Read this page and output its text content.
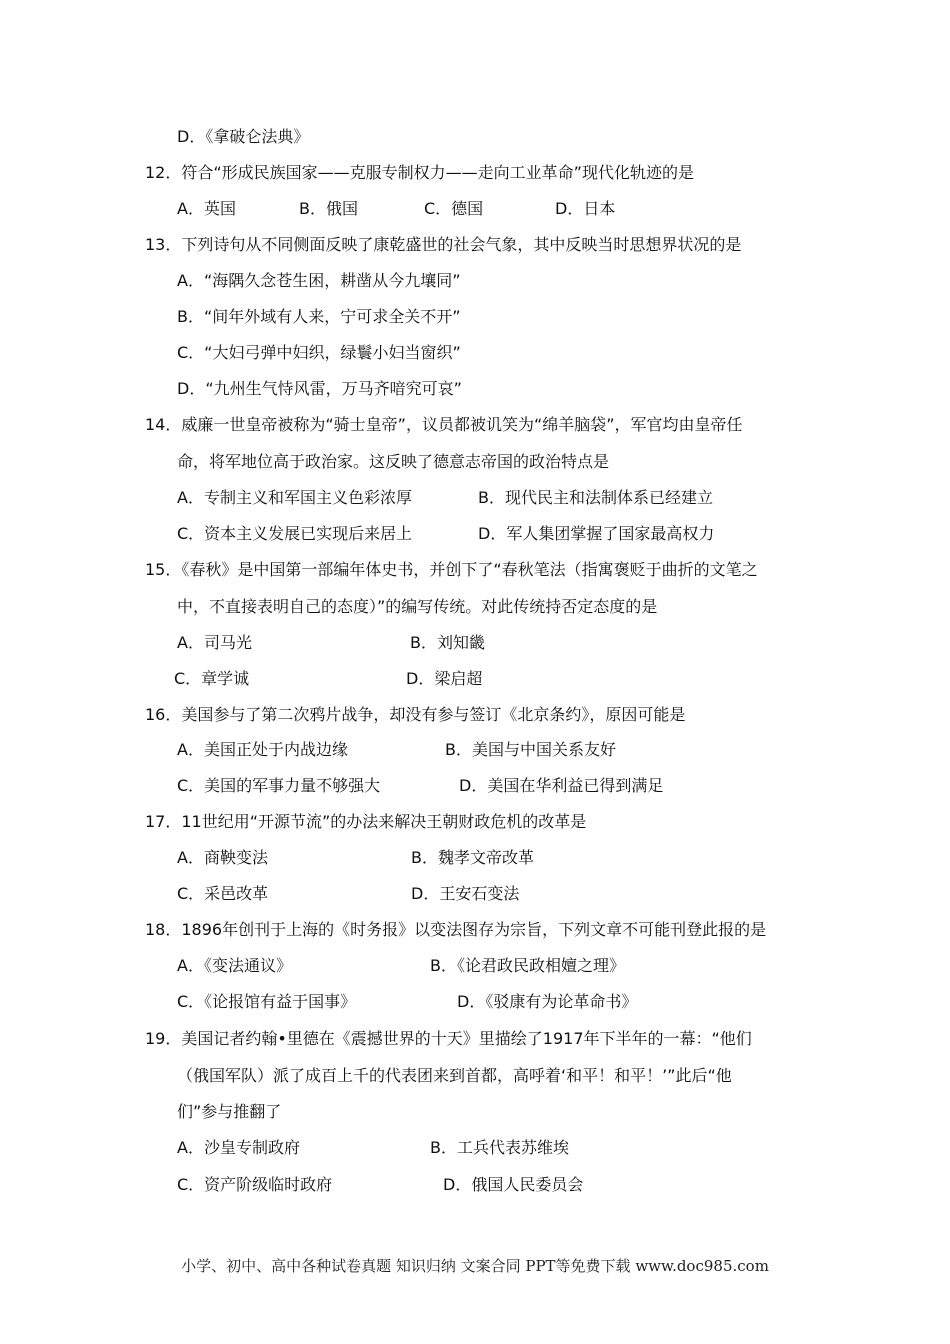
D．《拿破仑法典》
12．符合“形成民族国家——克服专制权力——走向工业革命”现代化轨迹的是
A．英国	B．俄国	C．德国	D．日本
13．下列诗句从不同侧面反映了康乾盛世的社会气象，其中反映当时思想界状况的是
A．“海隅久念苍生困，耕凿从今九壤同”
B．“间年外域有人来，宁可求全关不开”
C．“大妇弓弹中妇织，绿鬟小妇当窗织”
D．“九州生气恃风雷，万马齐喑究可哀”
14．威廉一世皇帝被称为“骑士皇帝”，议员都被讥笑为“绵羊脑袋”，军官均由皇帝任
命，将军地位高于政治家。这反映了德意志帝国的政治特点是
A．专制主义和军国主义色彩浓厚	B．现代民主和法制体系已经建立
C．资本主义发展已实现后来居上	D．军人集团掌握了国家最高权力
15．《春秋》是中国第一部编年体史书，并创下了“春秋笔法（指寓褒贬于曲折的文笔之
中，不直接表明自己的态度）”的编写传统。对此传统持否定态度的是
A．司马光	B．刘知畿
C．章学诚	D．梁启超
16．美国参与了第二次鸦片战争，却没有参与签订《北京条约》，原因可能是
A．美国正处于内战边缘	B．美国与中国关系友好
C．美国的军事力量不够强大	D．美国在华利益已得到满足
17．11世纪用“开源节流”的办法来解决王朝财政危机的改革是
A．商鞅变法	B．魏孝文帝改革
C．采邑改革	D．王安石变法
18．1896年创刊于上海的《时务报》以变法图存为宗旨，下列文章不可能刊登此报的是
A．《变法通议》	B．《论君政民政相嬗之理》
C．《论报馆有益于国事》	D．《驳康有为论革命书》
19．美国记者约翰•里德在《震撼世界的十天》里描绘了1917年下半年的一幕：“他们
（俄国军队）派了成百上千的代表团来到首都，高呼着‘和平！和平！’”此后“他
们”参与推翻了
A．沙皇专制政府	B．工兵代表苏维埃
C．资产阶级临时政府	D．俄国人民委员会
小学、初中、高中各种试卷真题 知识归纳 文案合同 PPT等免费下载 www.doc985.com
